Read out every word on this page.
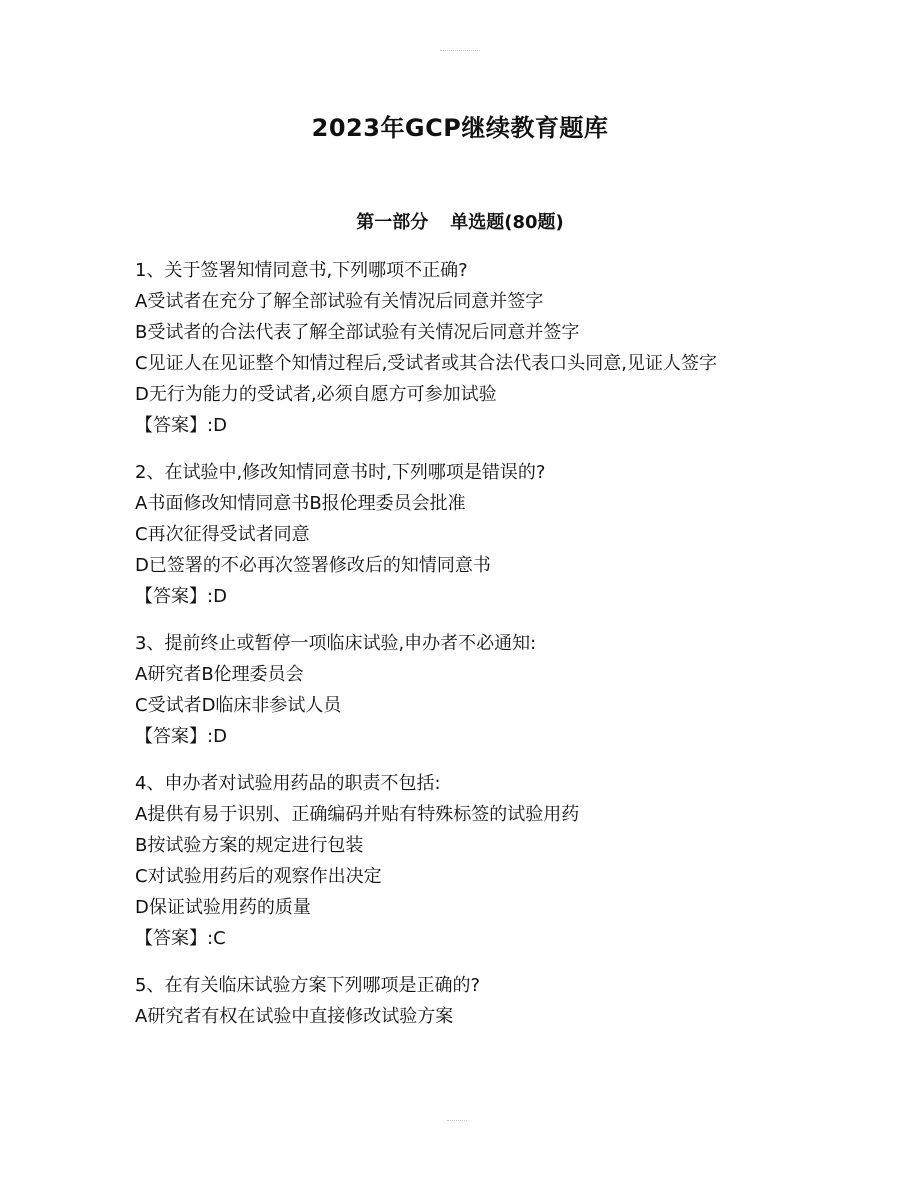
2023年GCP继续教育题库
第一部分 单选题(80题)
1、关于签署知情同意书,下列哪项不正确?
A受试者在充分了解全部试验有关情况后同意并签字
B受试者的合法代表了解全部试验有关情况后同意并签字
C见证人在见证整个知情过程后,受试者或其合法代表口头同意,见证人签字
D无行为能力的受试者,必须自愿方可参加试验
【答案】:D
2、在试验中,修改知情同意书时,下列哪项是错误的?
A书面修改知情同意书B报伦理委员会批准
C再次征得受试者同意
D已签署的不必再次签署修改后的知情同意书
【答案】:D
3、提前终止或暂停一项临床试验,申办者不必通知:
A研究者B伦理委员会
C受试者D临床非参试人员
【答案】:D
4、申办者对试验用药品的职责不包括:
A提供有易于识别、正确编码并贴有特殊标签的试验用药
B按试验方案的规定进行包装
C对试验用药后的观察作出决定
D保证试验用药的质量
【答案】:C
5、在有关临床试验方案下列哪项是正确的?
A研究者有权在试验中直接修改试验方案
